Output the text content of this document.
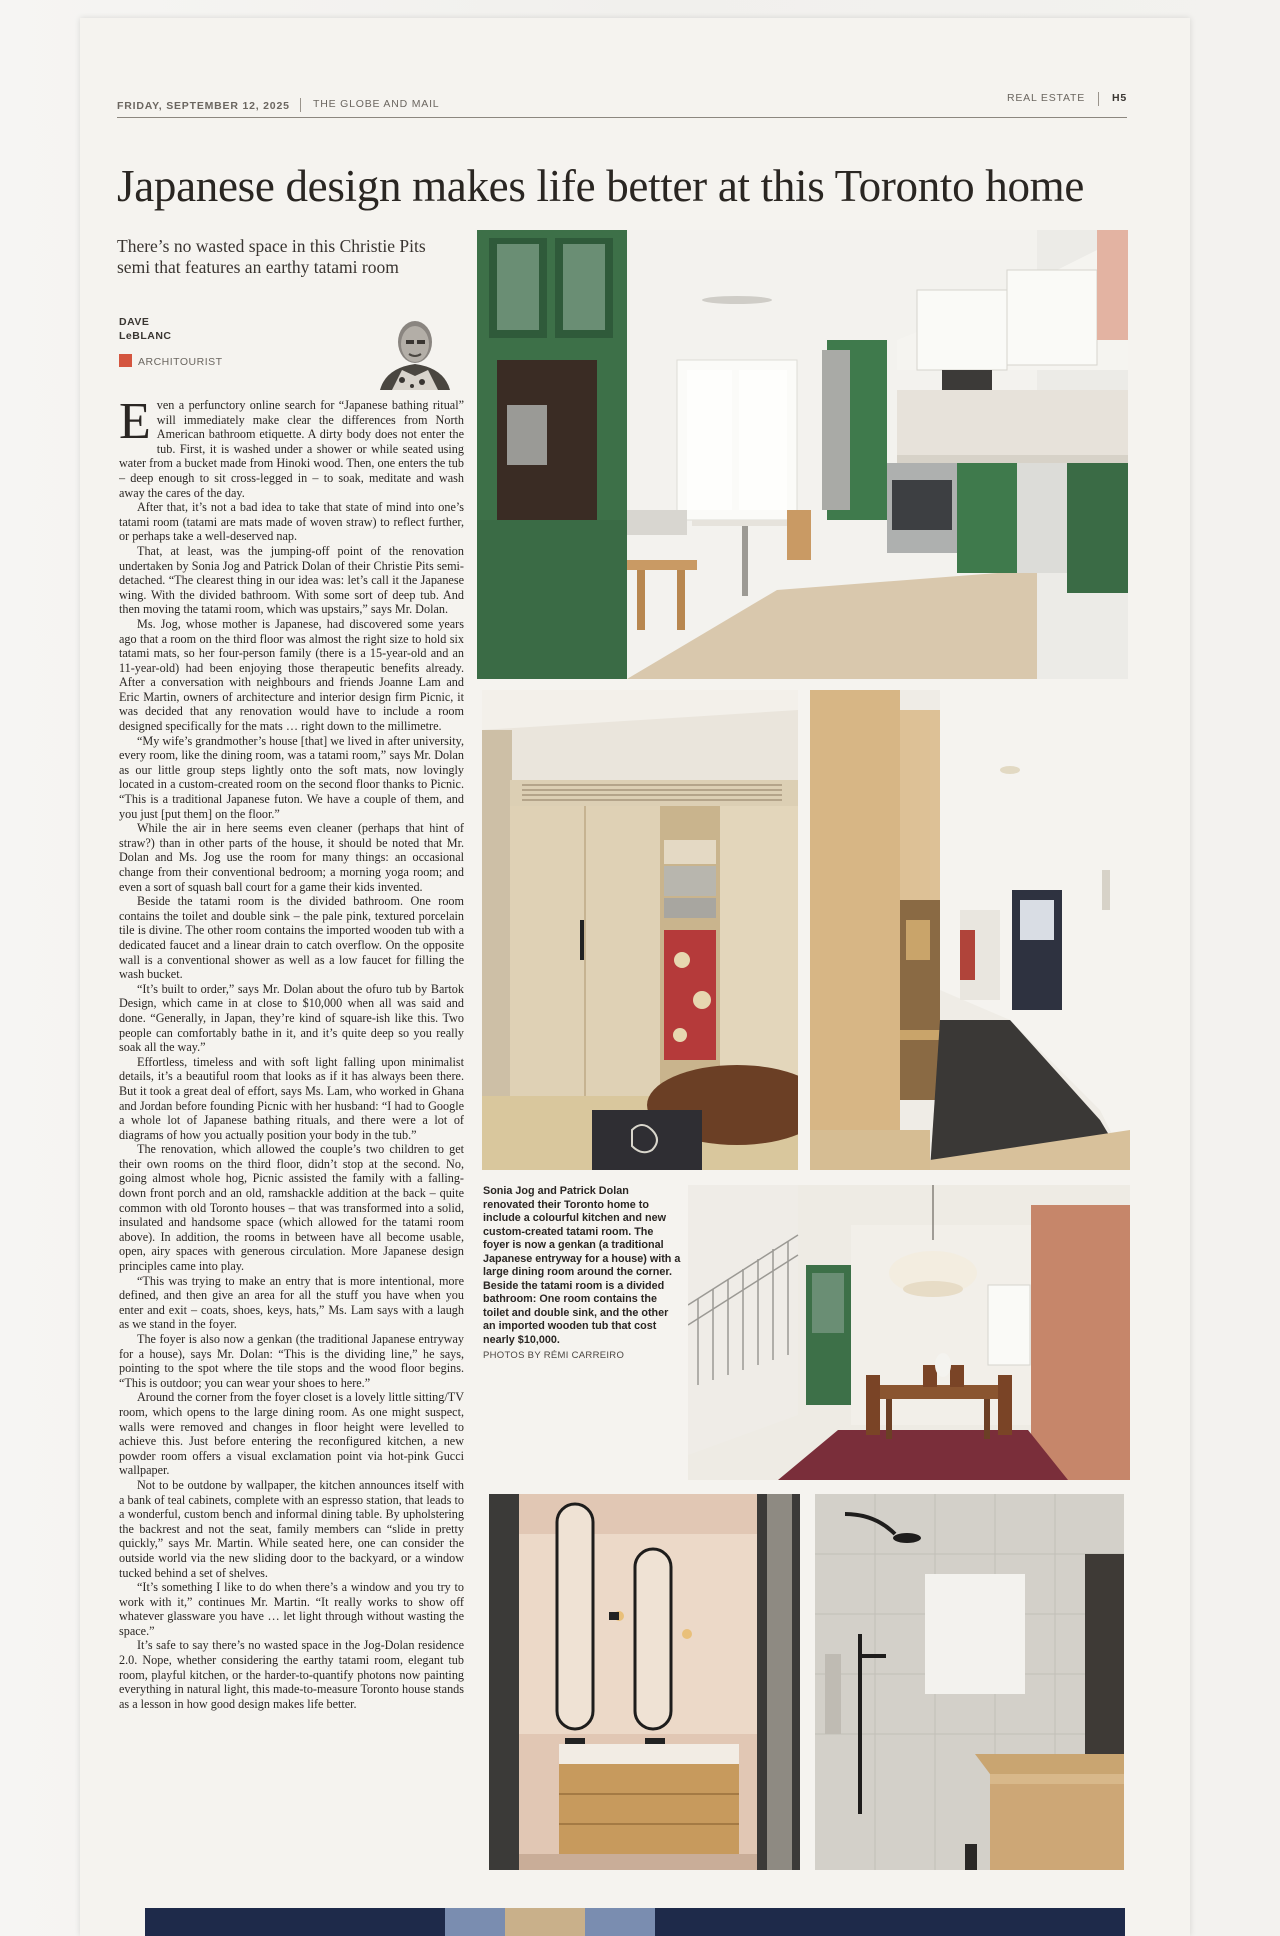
FRIDAY, SEPTEMBER 12, 2025 THE GLOBE AND MAIL	REAL ESTATE	H5
Japanese design makes life better at this Toronto home

There’s no wasted space in this Christie Pits semi that features an earthy tatami room

DAVE
LeBLANC
ARCHITOURIST

Even a perfunctory online search for “Japanese bathing ritual” will immediately make clear the differences from North American bathroom etiquette. A dirty body does not enter the tub. First, it is washed under a shower or while seated using water from a bucket made from Hinoki wood. Then, one enters the tub – deep enough to sit cross-legged in – to soak, meditate and wash away the cares of the day.

After that, it’s not a bad idea to take that state of mind into one’s tatami room (tatami are mats made of woven straw) to reflect further, or perhaps take a well-deserved nap.

That, at least, was the jumping-off point of the renovation undertaken by Sonia Jog and Patrick Dolan of their Christie Pits semi-detached. “The clearest thing in our idea was: let’s call it the Japanese wing. With the divided bathroom. With some sort of deep tub. And then moving the tatami room, which was upstairs,” says Mr. Dolan.

Ms. Jog, whose mother is Japanese, had discovered some years ago that a room on the third floor was almost the right size to hold six tatami mats, so her four-person family (there is a 15-year-old and an 11-year-old) had been enjoying those therapeutic benefits already. After a conversation with neighbours and friends Joanne Lam and Eric Martin, owners of architecture and interior design firm Picnic, it was decided that any renovation would have to include a room designed specifically for the mats … right down to the millimetre.

“My wife’s grandmother’s house [that] we lived in after university, every room, like the dining room, was a tatami room,” says Mr. Dolan as our little group steps lightly onto the soft mats, now lovingly located in a custom-created room on the second floor thanks to Picnic. “This is a traditional Japanese futon. We have a couple of them, and you just [put them] on the floor.”

While the air in here seems even cleaner (perhaps that hint of straw?) than in other parts of the house, it should be noted that Mr. Dolan and Ms. Jog use the room for many things: an occasional change from their conventional bedroom; a morning yoga room; and even a sort of squash ball court for a game their kids invented.

Beside the tatami room is the divided bathroom. One room contains the toilet and double sink – the pale pink, textured porcelain tile is divine. The other room contains the imported wooden tub with a dedicated faucet and a linear drain to catch overflow. On the opposite wall is a conventional shower as well as a low faucet for filling the wash bucket.

“It’s built to order,” says Mr. Dolan about the ofuro tub by Bartok Design, which came in at close to $10,000 when all was said and done. “Generally, in Japan, they’re kind of square-ish like this. Two people can comfortably bathe in it, and it’s quite deep so you really soak all the way.”

Effortless, timeless and with soft light falling upon minimalist details, it’s a beautiful room that looks as if it has always been there. But it took a great deal of effort, says Ms. Lam, who worked in Ghana and Jordan before founding Picnic with her husband: “I had to Google a whole lot of Japanese bathing rituals, and there were a lot of diagrams of how you actually position your body in the tub.”

The renovation, which allowed the couple’s two children to get their own rooms on the third floor, didn’t stop at the second. No, going almost whole hog, Picnic assisted the family with a falling-down front porch and an old, ramshackle addition at the back – quite common with old Toronto houses – that was transformed into a solid, insulated and handsome space (which allowed for the tatami room above). In addition, the rooms in between have all become usable, open, airy spaces with generous circulation. More Japanese design principles came into play.

“This was trying to make an entry that is more intentional, more defined, and then give an area for all the stuff you have when you enter and exit – coats, shoes, keys, hats,” Ms. Lam says with a laugh as we stand in the foyer.

The foyer is also now a genkan (the traditional Japanese entryway for a house), says Mr. Dolan: “This is the dividing line,” he says, pointing to the spot where the tile stops and the wood floor begins. “This is outdoor; you can wear your shoes to here.”

Around the corner from the foyer closet is a lovely little sitting/TV room, which opens to the large dining room. As one might suspect, walls were removed and changes in floor height were levelled to achieve this. Just before entering the reconfigured kitchen, a new powder room offers a visual exclamation point via hot-pink Gucci wallpaper.

Not to be outdone by wallpaper, the kitchen announces itself with a bank of teal cabinets, complete with an espresso station, that leads to a wonderful, custom bench and informal dining table. By upholstering the backrest and not the seat, family members can “slide in pretty quickly,” says Mr. Martin. While seated here, one can consider the outside world via the new sliding door to the backyard, or a window tucked behind a set of shelves.

“It’s something I like to do when there’s a window and you try to work with it,” continues Mr. Martin. “It really works to show off whatever glassware you have … let light through without wasting the space.”

It’s safe to say there’s no wasted space in the Jog-Dolan residence 2.0. Nope, whether considering the earthy tatami room, elegant tub room, playful kitchen, or the harder-to-quantify photons now painting everything in natural light, this made-to-measure Toronto house stands as a lesson in how good design makes life better.

Sonia Jog and Patrick Dolan renovated their Toronto home to include a colourful kitchen and new custom-created tatami room. The foyer is now a genkan (a traditional Japanese entryway for a house) with a large dining room around the corner. Beside the tatami room is a divided bathroom: One room contains the toilet and double sink, and the other an imported wooden tub that cost nearly $10,000.
PHOTOS BY RÉMI CARREIRO
